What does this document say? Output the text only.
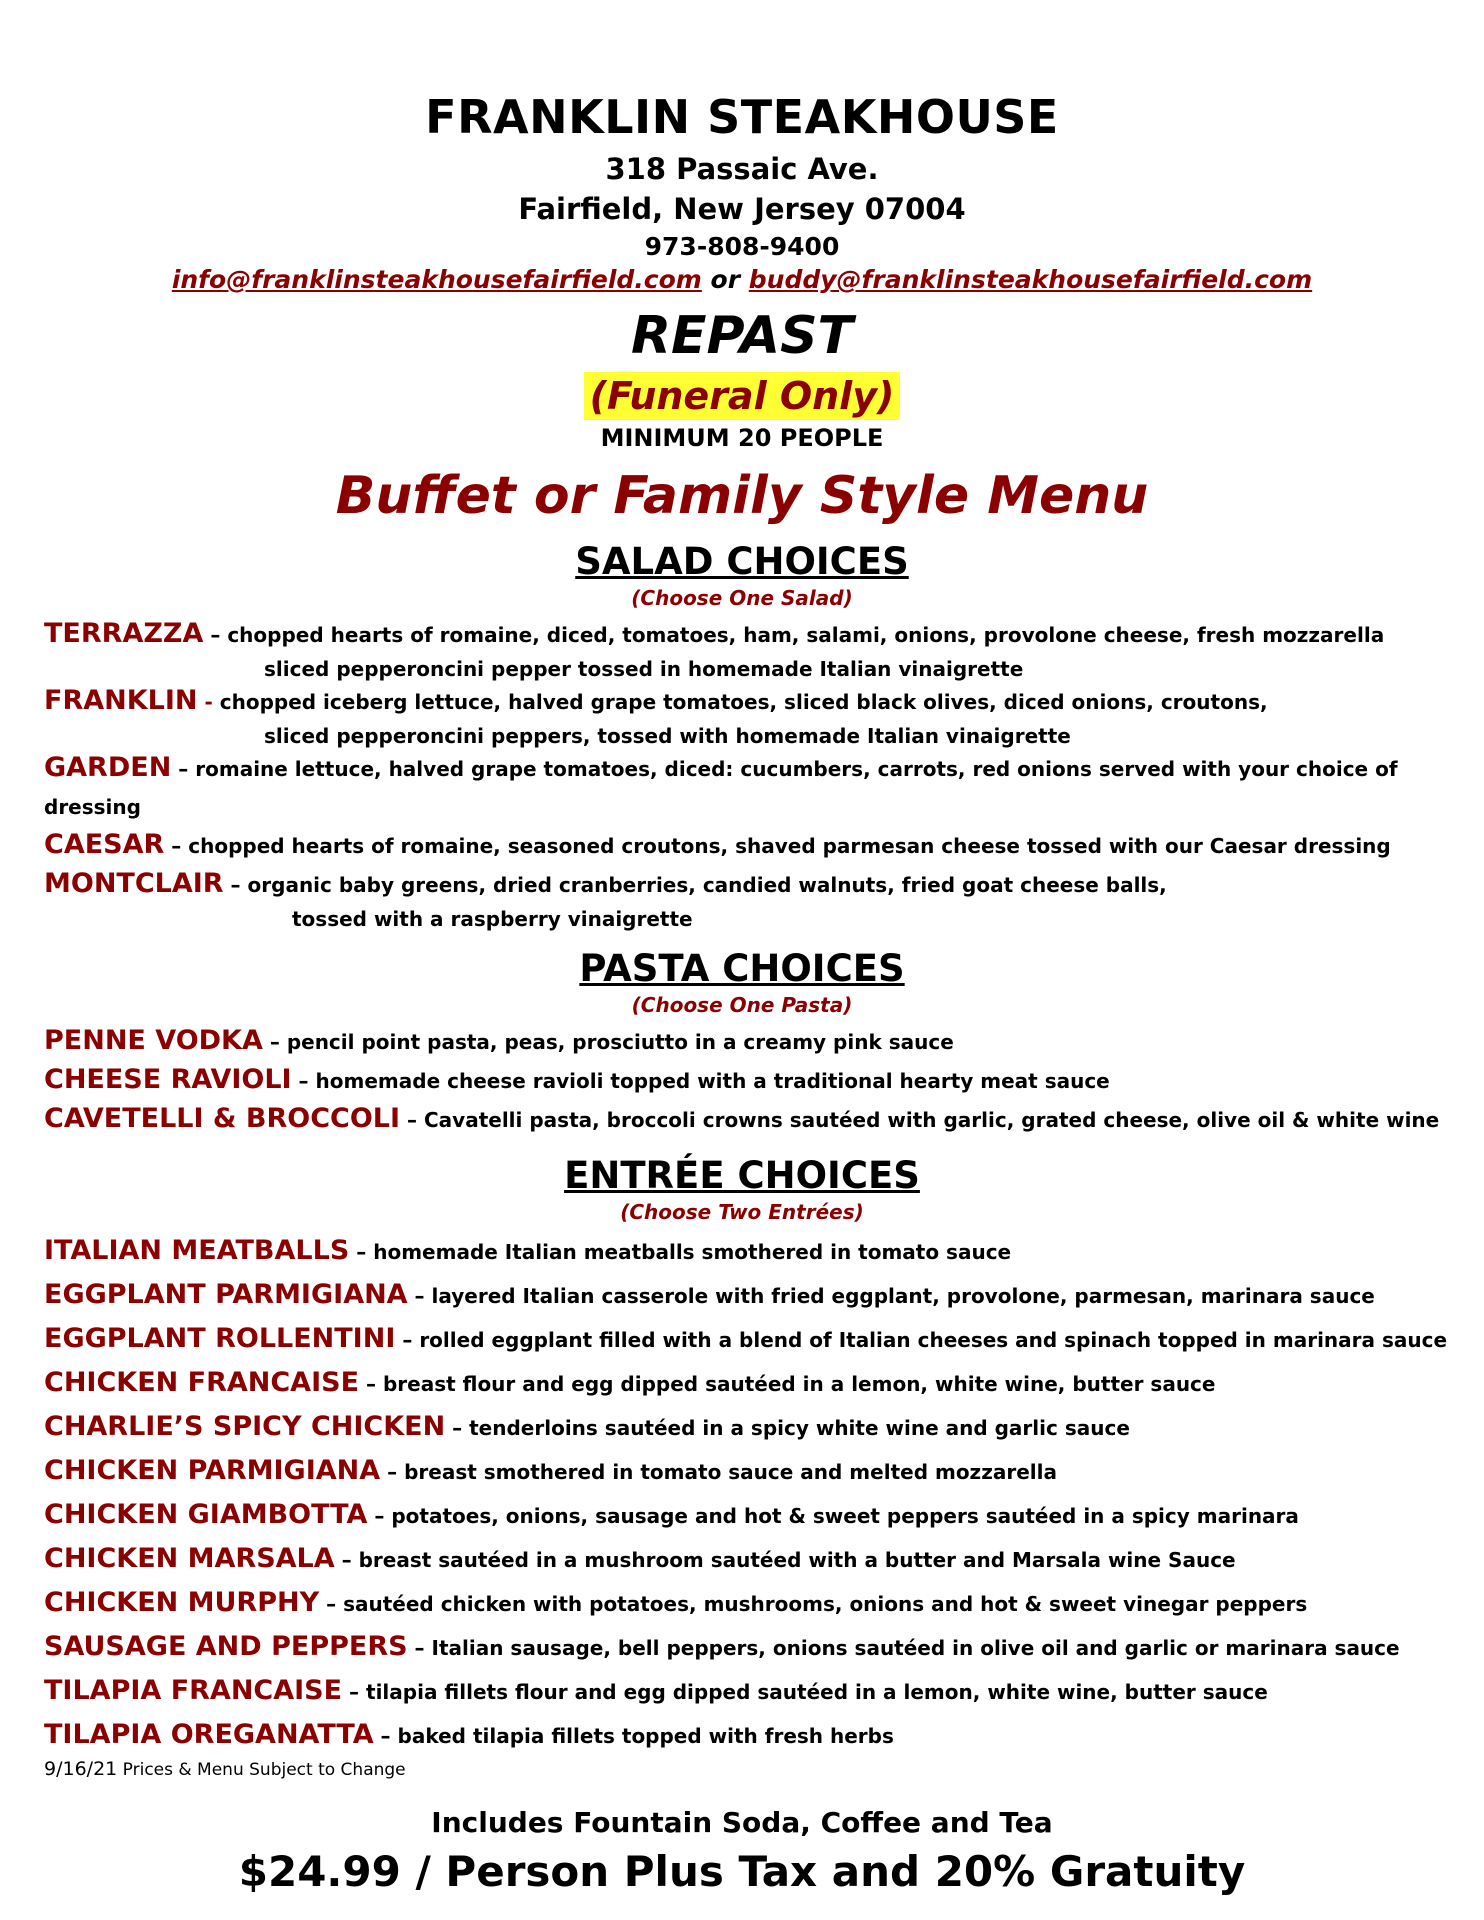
FRANKLIN STEAKHOUSE
318 Passaic Ave.
Fairfield, New Jersey 07004
973-808-9400
info@franklinsteakhousefairfield.com or buddy@franklinsteakhousefairfield.com
REPAST
(Funeral Only)
MINIMUM 20 PEOPLE
Buffet or Family Style Menu
SALAD CHOICES
(Choose One Salad)
TERRAZZA – chopped hearts of romaine, diced, tomatoes, ham, salami, onions, provolone cheese, fresh mozzarella
sliced pepperoncini pepper tossed in homemade Italian vinaigrette
FRANKLIN - chopped iceberg lettuce, halved grape tomatoes, sliced black olives, diced onions, croutons,
sliced pepperoncini peppers, tossed with homemade Italian vinaigrette
GARDEN – romaine lettuce, halved grape tomatoes, diced: cucumbers, carrots, red onions served with your choice of dressing
CAESAR – chopped hearts of romaine, seasoned croutons, shaved parmesan cheese tossed with our Caesar dressing
MONTCLAIR – organic baby greens, dried cranberries, candied walnuts, fried goat cheese balls,
tossed with a raspberry vinaigrette
PASTA CHOICES
(Choose One Pasta)
PENNE VODKA – pencil point pasta, peas, prosciutto in a creamy pink sauce
CHEESE RAVIOLI – homemade cheese ravioli topped with a traditional hearty meat sauce
CAVETELLI & BROCCOLI – Cavatelli pasta, broccoli crowns sautéed with garlic, grated cheese, olive oil & white wine
ENTRÉE CHOICES
(Choose Two Entrées)
ITALIAN MEATBALLS – homemade Italian meatballs smothered in tomato sauce
EGGPLANT PARMIGIANA – layered Italian casserole with fried eggplant, provolone, parmesan, marinara sauce
EGGPLANT ROLLENTINI – rolled eggplant filled with a blend of Italian cheeses and spinach topped in marinara sauce
CHICKEN FRANCAISE – breast flour and egg dipped sautéed in a lemon, white wine, butter sauce
CHARLIE’S SPICY CHICKEN – tenderloins sautéed in a spicy white wine and garlic sauce
CHICKEN PARMIGIANA – breast smothered in tomato sauce and melted mozzarella
CHICKEN GIAMBOTTA – potatoes, onions, sausage and hot & sweet peppers sautéed in a spicy marinara
CHICKEN MARSALA – breast sautéed in a mushroom sautéed with a butter and Marsala wine Sauce
CHICKEN MURPHY – sautéed chicken with potatoes, mushrooms, onions and hot & sweet vinegar peppers
SAUSAGE AND PEPPERS – Italian sausage, bell peppers, onions sautéed in olive oil and garlic or marinara sauce
TILAPIA FRANCAISE – tilapia fillets flour and egg dipped sautéed in a lemon, white wine, butter sauce
TILAPIA OREGANATTA – baked tilapia fillets topped with fresh herbs
9/16/21 Prices & Menu Subject to Change
Includes Fountain Soda, Coffee and Tea
$24.99 / Person Plus Tax and 20% Gratuity
